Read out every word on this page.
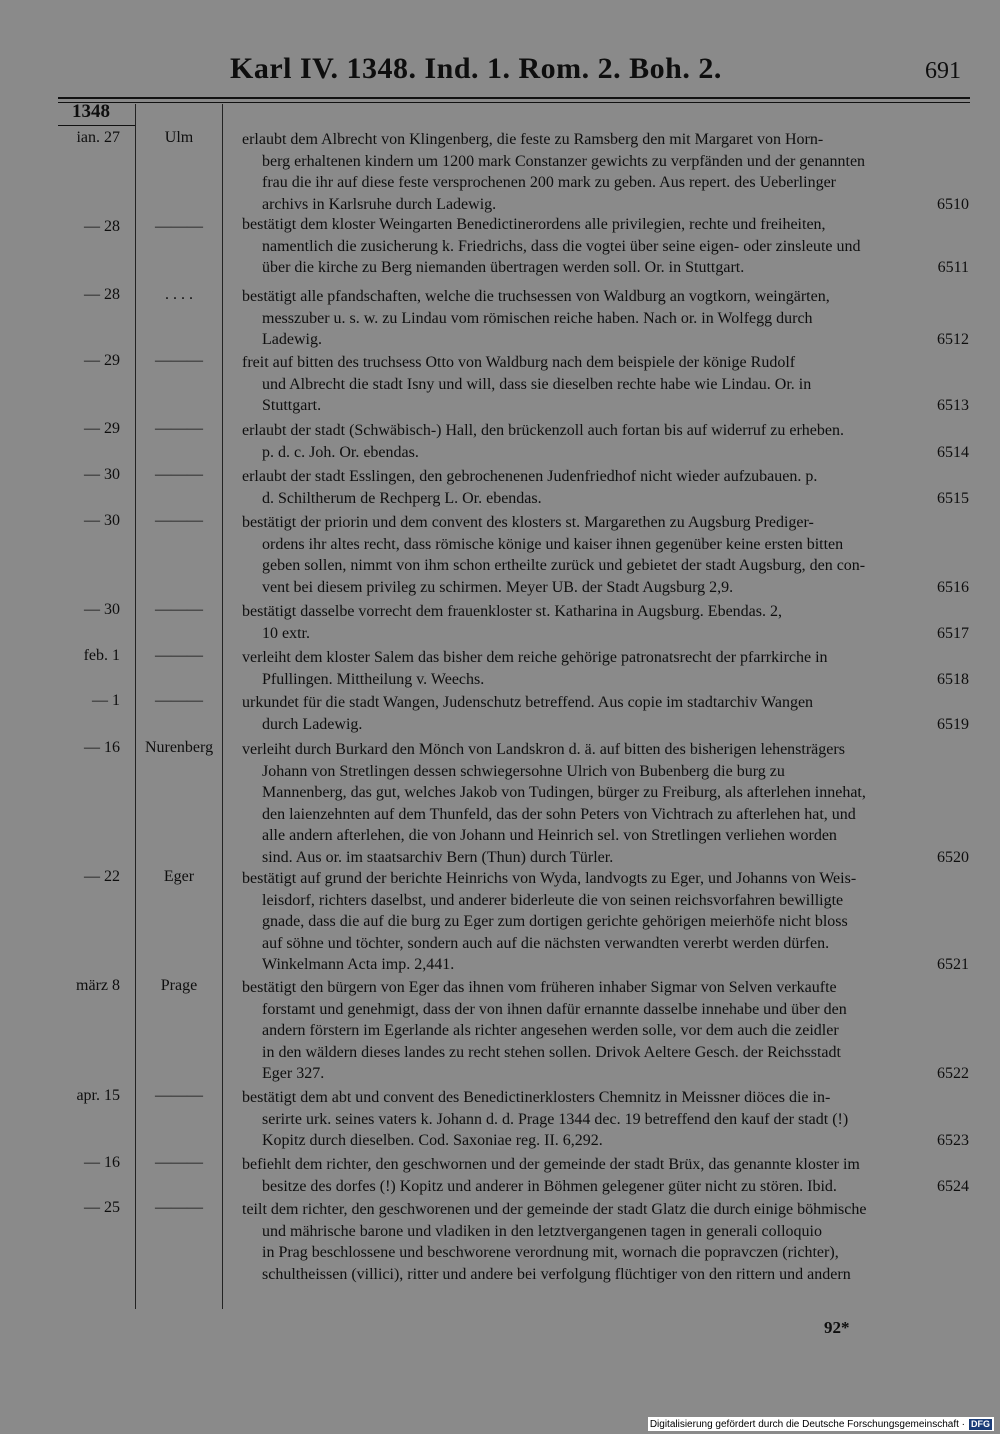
Karl IV. 1348. Ind. 1. Rom. 2. Boh. 2.	691
1348
ian. 27	Ulm	erlaubt dem Albrecht von Klingenberg, die feste zu Ramsberg den mit Margaret von Horn-
berg erhaltenen kindern um 1200 mark Constanzer gewichts zu verpfänden und der genannten
frau die ihr auf diese feste versprochenen 200 mark zu geben. Aus repert. des Ueberlinger
archivs in Karlsruhe durch Ladewig.	6510
— 28	———	bestätigt dem kloster Weingarten Benedictinerordens alle privilegien, rechte und freiheiten,
namentlich die zusicherung k. Friedrichs, dass die vogtei über seine eigen- oder zinsleute und
über die kirche zu Berg niemanden übertragen werden soll. Or. in Stuttgart.	6511
— 28	. . . .	bestätigt alle pfandschaften, welche die truchsessen von Waldburg an vogtkorn, weingärten,
messzuber u. s. w. zu Lindau vom römischen reiche haben. Nach or. in Wolfegg durch
Ladewig.	6512
— 29	———	freit auf bitten des truchsess Otto von Waldburg nach dem beispiele der könige Rudolf
und Albrecht die stadt Isny und will, dass sie dieselben rechte habe wie Lindau. Or. in
Stuttgart.	6513
— 29	———	erlaubt der stadt (Schwäbisch-) Hall, den brückenzoll auch fortan bis auf widerruf zu erheben.
p. d. c. Joh. Or. ebendas.	6514
— 30	———	erlaubt der stadt Esslingen, den gebrochenenen Judenfriedhof nicht wieder aufzubauen. p.
d. Schiltherum de Rechperg L. Or. ebendas.	6515
— 30	———	bestätigt der priorin und dem convent des klosters st. Margarethen zu Augsburg Prediger-
ordens ihr altes recht, dass römische könige und kaiser ihnen gegenüber keine ersten bitten
geben sollen, nimmt von ihm schon ertheilte zurück und gebietet der stadt Augsburg, den con-
vent bei diesem privileg zu schirmen. Meyer UB. der Stadt Augsburg 2,9.	6516
— 30	———	bestätigt dasselbe vorrecht dem frauenkloster st. Katharina in Augsburg. Ebendas. 2,
10 extr.	6517
feb. 1	———	verleiht dem kloster Salem das bisher dem reiche gehörige patronatsrecht der pfarrkirche in
Pfullingen. Mittheilung v. Weechs.	6518
— 1	———	urkundet für die stadt Wangen, Judenschutz betreffend. Aus copie im stadtarchiv Wangen
durch Ladewig.	6519
— 16	Nurenberg	verleiht durch Burkard den Mönch von Landskron d. ä. auf bitten des bisherigen lehensträgers
Johann von Stretlingen dessen schwiegersohne Ulrich von Bubenberg die burg zu
Mannenberg, das gut, welches Jakob von Tudingen, bürger zu Freiburg, als afterlehen innehat,
den laienzehnten auf dem Thunfeld, das der sohn Peters von Vichtrach zu afterlehen hat, und
alle andern afterlehen, die von Johann und Heinrich sel. von Stretlingen verliehen worden
sind. Aus or. im staatsarchiv Bern (Thun) durch Türler.	6520
— 22	Eger	bestätigt auf grund der berichte Heinrichs von Wyda, landvogts zu Eger, und Johanns von Weis-
leisdorf, richters daselbst, und anderer biderleute die von seinen reichsvorfahren bewilligte
gnade, dass die auf die burg zu Eger zum dortigen gerichte gehörigen meierhöfe nicht bloss
auf söhne und töchter, sondern auch auf die nächsten verwandten vererbt werden dürfen.
Winkelmann Acta imp. 2,441.	6521
märz 8	Prage	bestätigt den bürgern von Eger das ihnen vom früheren inhaber Sigmar von Selven verkaufte
forstamt und genehmigt, dass der von ihnen dafür ernannte dasselbe innehabe und über den
andern förstern im Egerlande als richter angesehen werden solle, vor dem auch die zeidler
in den wäldern dieses landes zu recht stehen sollen. Drivok Aeltere Gesch. der Reichsstadt
Eger 327.	6522
apr. 15	———	bestätigt dem abt und convent des Benedictinerklosters Chemnitz in Meissner diöces die in-
serirte urk. seines vaters k. Johann d. d. Prage 1344 dec. 19 betreffend den kauf der stadt (!)
Kopitz durch dieselben. Cod. Saxoniae reg. II. 6,292.	6523
— 16	———	befiehlt dem richter, den geschwornen und der gemeinde der stadt Brüx, das genannte kloster im
besitze des dorfes (!) Kopitz und anderer in Böhmen gelegener güter nicht zu stören. Ibid.	6524
— 25	———	teilt dem richter, den geschworenen und der gemeinde der stadt Glatz die durch einige böhmische
und mährische barone und vladiken in den letztvergangenen tagen in generali colloquio
in Prag beschlossene und beschworene verordnung mit, wornach die popravczen (richter),
schultheissen (villici), ritter und andere bei verfolgung flüchtiger von den rittern und andern
92*
Digitalisierung gefördert durch die Deutsche Forschungsgemeinschaft · DFG
